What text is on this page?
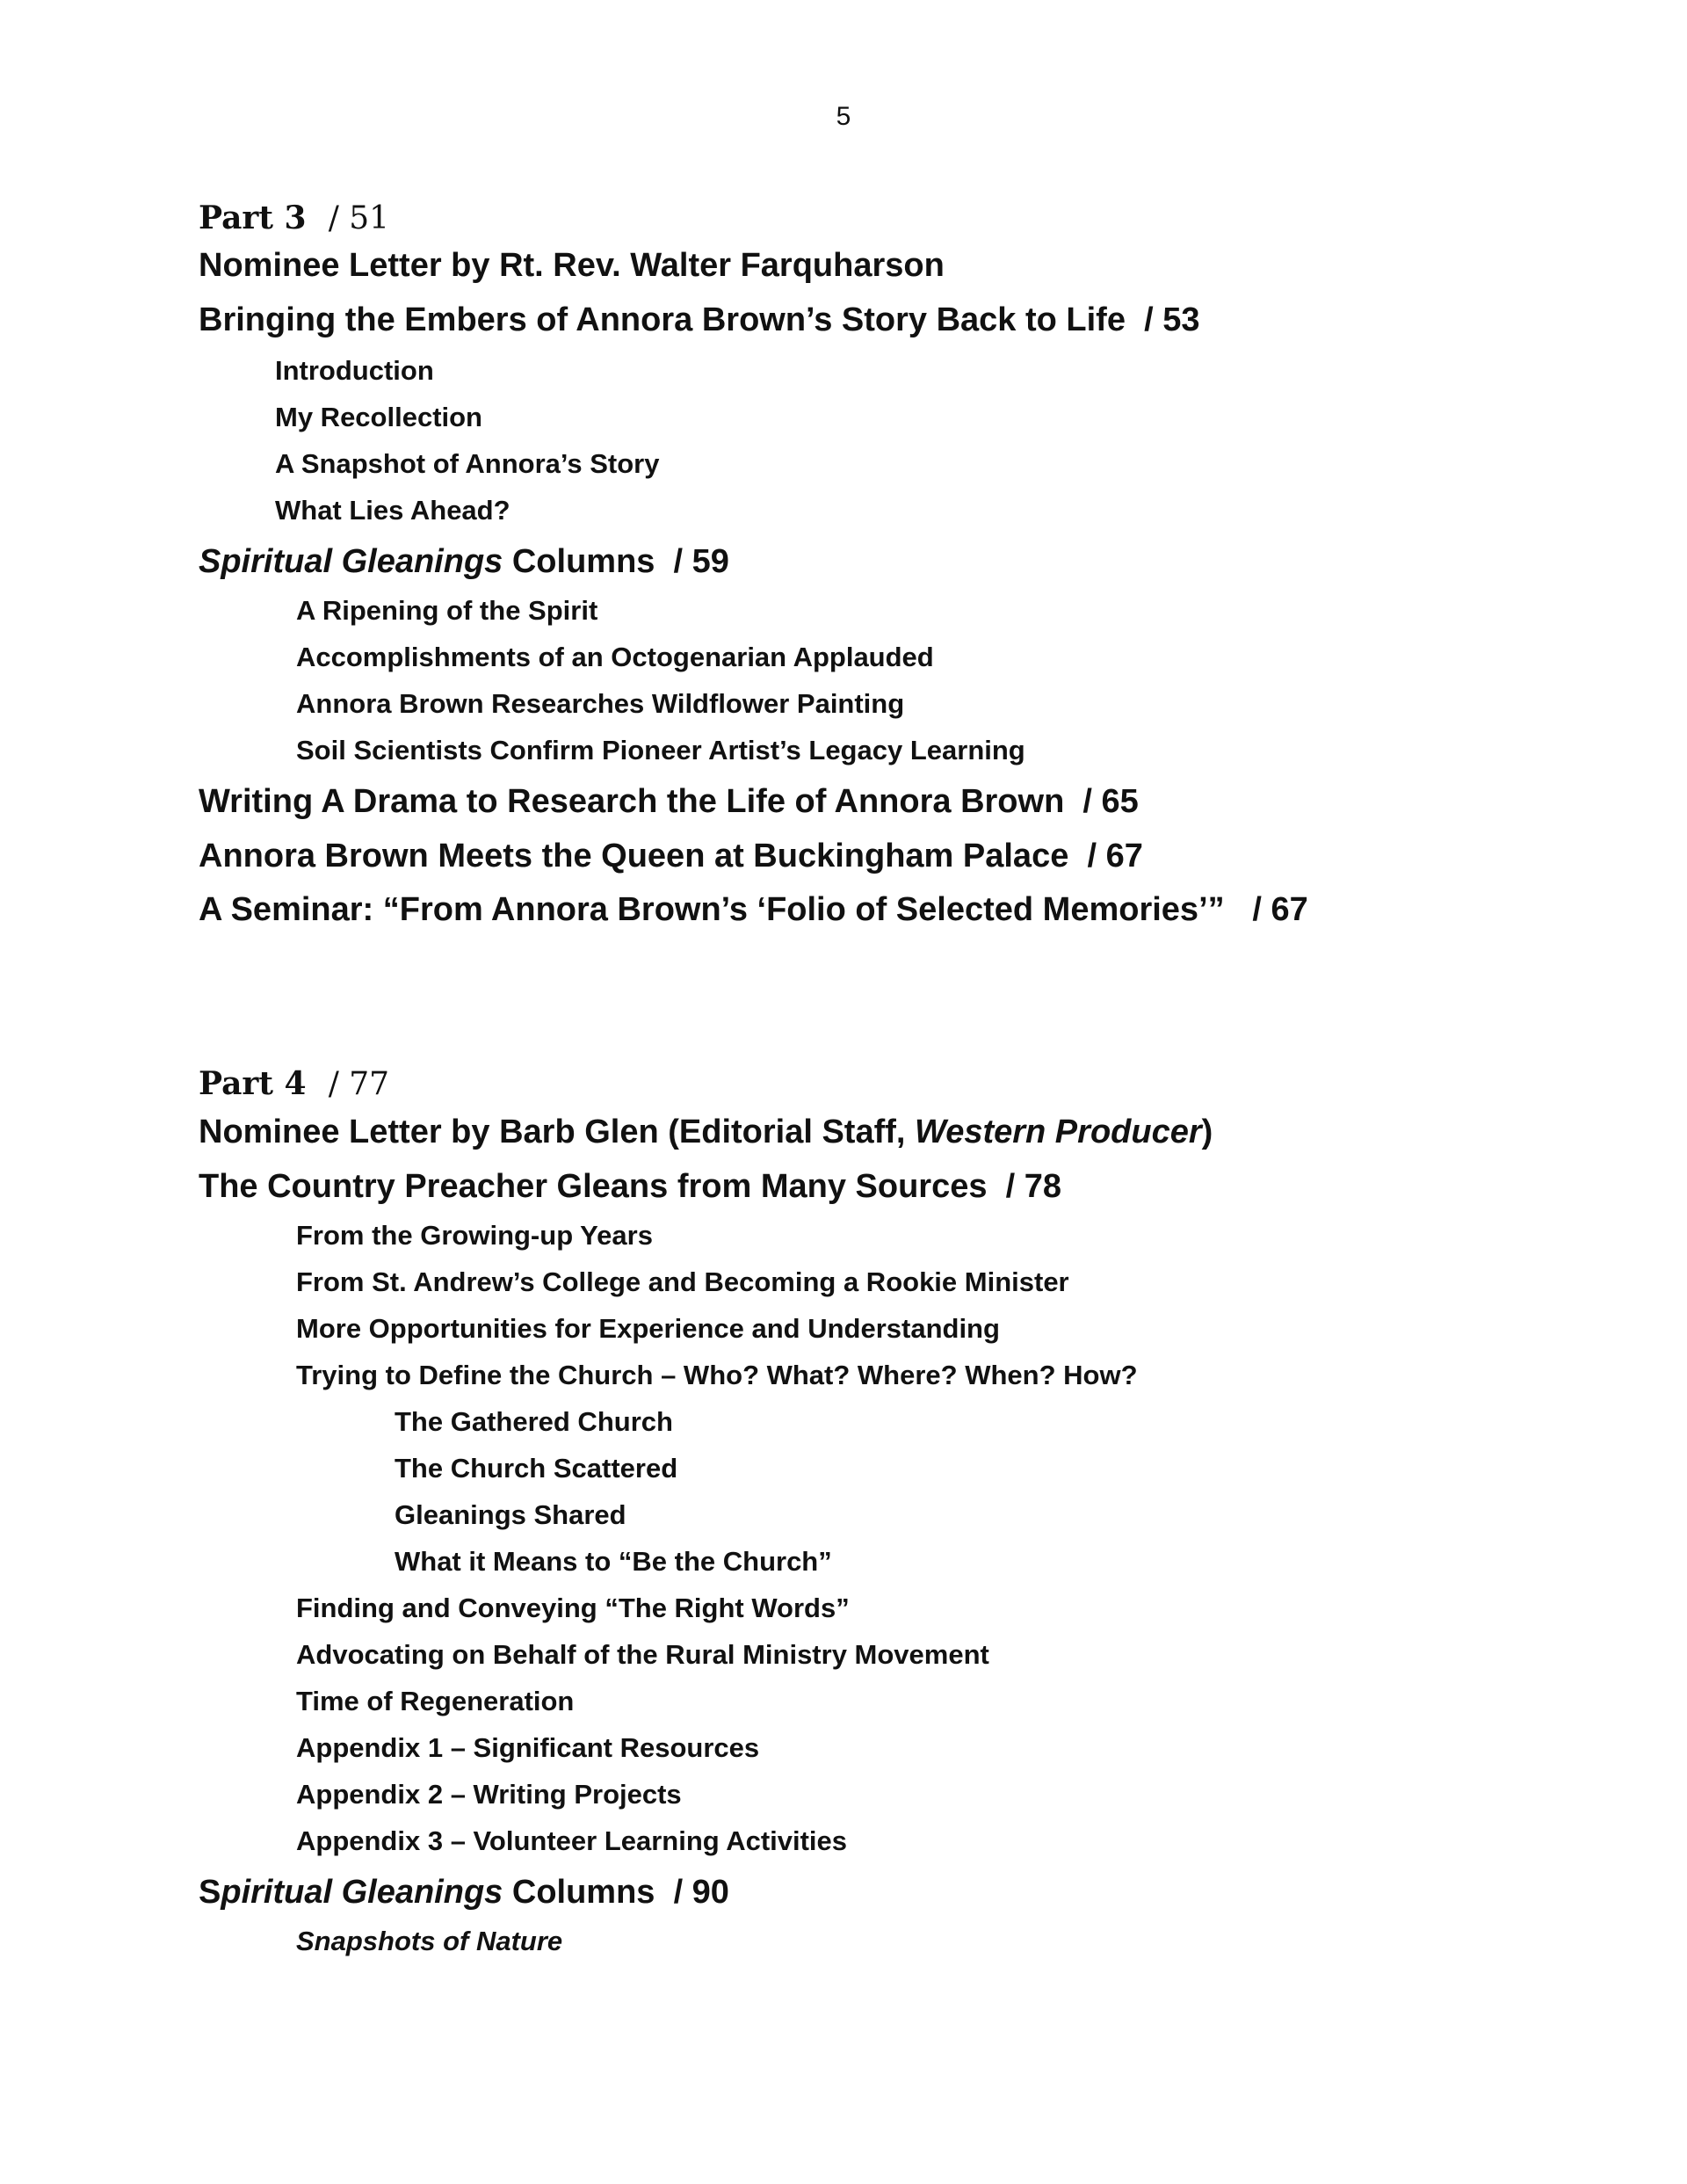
5
Part 3 / 51
Nominee Letter by Rt. Rev. Walter Farquharson
Bringing the Embers of Annora Brown’s Story Back to Life / 53
Introduction
My Recollection
A Snapshot of Annora’s Story
What Lies Ahead?
Spiritual Gleanings Columns / 59
A Ripening of the Spirit
Accomplishments of an Octogenarian Applauded
Annora Brown Researches Wildflower Painting
Soil Scientists Confirm Pioneer Artist’s Legacy Learning
Writing A Drama to Research the Life of Annora Brown / 65
Annora Brown Meets the Queen at Buckingham Palace / 67
A Seminar: “From Annora Brown’s ‘Folio of Selected Memories’” / 67
Part 4 / 77
Nominee Letter by Barb Glen (Editorial Staff, Western Producer)
The Country Preacher Gleans from Many Sources / 78
From the Growing-up Years
From St. Andrew’s College and Becoming a Rookie Minister
More Opportunities for Experience and Understanding
Trying to Define the Church – Who? What? Where? When? How?
The Gathered Church
The Church Scattered
Gleanings Shared
What it Means to “Be the Church”
Finding and Conveying “The Right Words”
Advocating on Behalf of the Rural Ministry Movement
Time of Regeneration
Appendix 1 – Significant Resources
Appendix 2 – Writing Projects
Appendix 3 – Volunteer Learning Activities
Spiritual Gleanings Columns / 90
Snapshots of Nature
